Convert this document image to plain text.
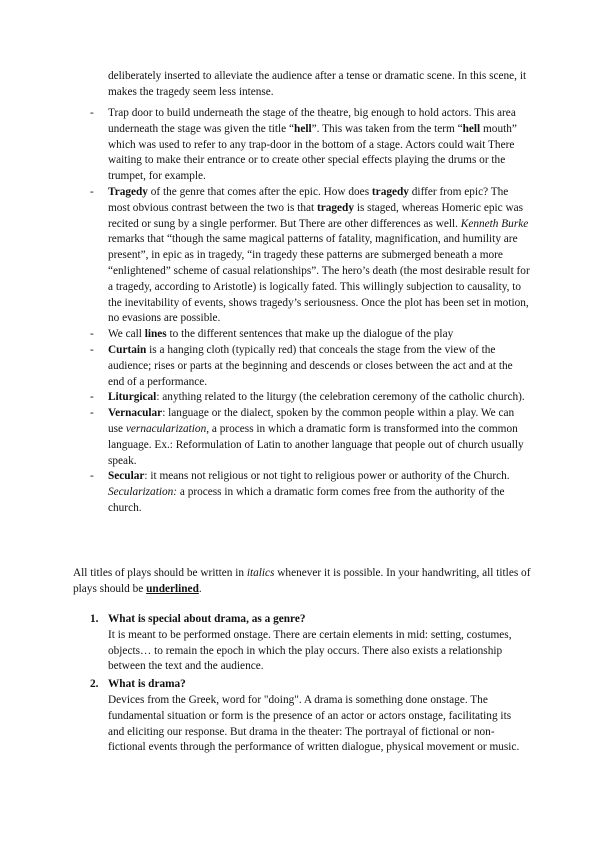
deliberately inserted to alleviate the audience after a tense or dramatic scene. In this scene, it makes the tragedy seem less intense.

- Trap door to build underneath the stage of the theatre, big enough to hold actors. This area underneath the stage was given the title “hell”. This was taken from the term “hell mouth” which was used to refer to any trap-door in the bottom of a stage. Actors could wait There waiting to make their entrance or to create other special effects playing the drums or the trumpet, for example.
- Tragedy of the genre that comes after the epic. How does tragedy differ from epic? The most obvious contrast between the two is that tragedy is staged, whereas Homeric epic was recited or sung by a single performer. But There are other differences as well. Kenneth Burke remarks that “though the same magical patterns of fatality, magnification, and humility are present”, in epic as in tragedy, “in tragedy these patterns are submerged beneath a more “enlightened” scheme of casual relationships”. The hero’s death (the most desirable result for a tragedy, according to Aristotle) is logically fated. This willingly subjection to causality, to the inevitability of events, shows tragedy’s seriousness. Once the plot has been set in motion, no evasions are possible.
- We call lines to the different sentences that make up the dialogue of the play
- Curtain is a hanging cloth (typically red) that conceals the stage from the view of the audience; rises or parts at the beginning and descends or closes between the act and at the end of a performance.
- Liturgical: anything related to the liturgy (the celebration ceremony of the catholic church).
- Vernacular: language or the dialect, spoken by the common people within a play. We can use vernacularization, a process in which a dramatic form is transformed into the common language. Ex.: Reformulation of Latin to another language that people out of church usually speak.
- Secular: it means not religious or not tight to religious power or authority of the Church. Secularization: a process in which a dramatic form comes free from the authority of the church.

All titles of plays should be written in italics whenever it is possible. In your handwriting, all titles of plays should be underlined.

1. What is special about drama, as a genre?

It is meant to be performed onstage. There are certain elements in mid: setting, costumes, objects… to remain the epoch in which the play occurs. There also exists a relationship between the text and the audience.

2. What is drama?

Devices from the Greek, word for "doing". A drama is something done onstage. The fundamental situation or form is the presence of an actor or actors onstage, facilitating its and eliciting our response. But drama in the theater: The portrayal of fictional or non- fictional events through the performance of written dialogue, physical movement or music.
